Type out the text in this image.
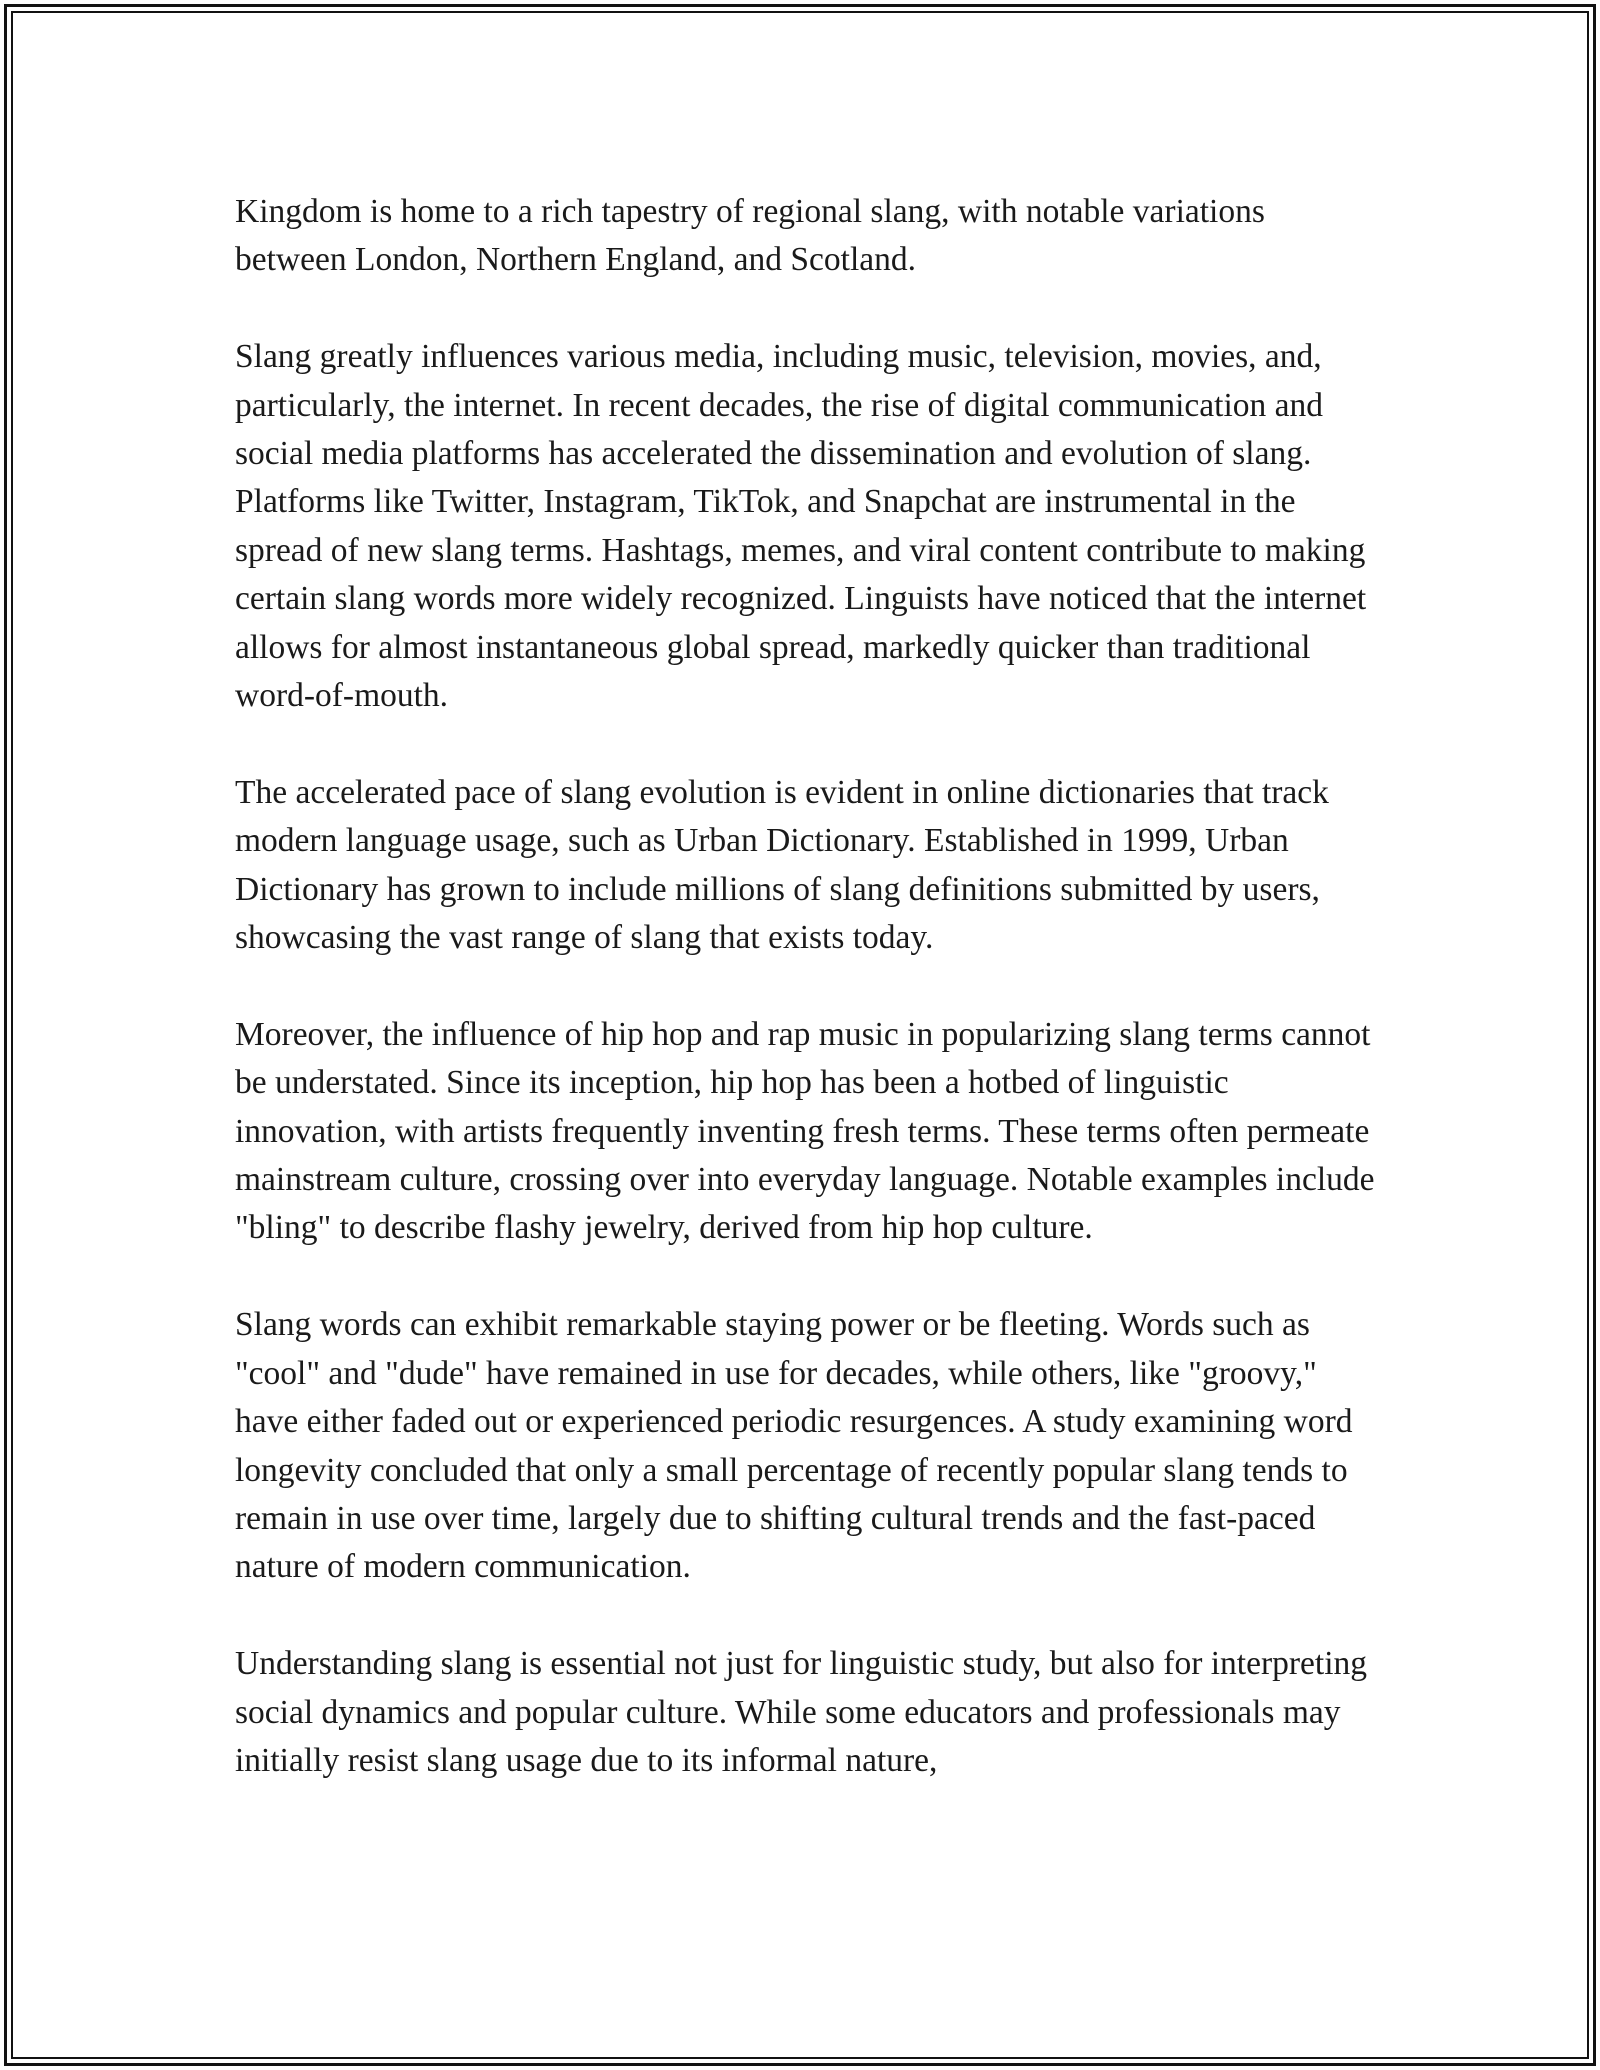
Kingdom is home to a rich tapestry of regional slang, with notable variations between London, Northern England, and Scotland.

Slang greatly influences various media, including music, television, movies, and, particularly, the internet. In recent decades, the rise of digital communication and social media platforms has accelerated the dissemination and evolution of slang. Platforms like Twitter, Instagram, TikTok, and Snapchat are instrumental in the spread of new slang terms. Hashtags, memes, and viral content contribute to making certain slang words more widely recognized. Linguists have noticed that the internet allows for almost instantaneous global spread, markedly quicker than traditional word-of-mouth.

The accelerated pace of slang evolution is evident in online dictionaries that track modern language usage, such as Urban Dictionary. Established in 1999, Urban Dictionary has grown to include millions of slang definitions submitted by users, showcasing the vast range of slang that exists today.

Moreover, the influence of hip hop and rap music in popularizing slang terms cannot be understated. Since its inception, hip hop has been a hotbed of linguistic innovation, with artists frequently inventing fresh terms. These terms often permeate mainstream culture, crossing over into everyday language. Notable examples include "bling" to describe flashy jewelry, derived from hip hop culture.

Slang words can exhibit remarkable staying power or be fleeting. Words such as "cool" and "dude" have remained in use for decades, while others, like "groovy," have either faded out or experienced periodic resurgences. A study examining word longevity concluded that only a small percentage of recently popular slang tends to remain in use over time, largely due to shifting cultural trends and the fast-paced nature of modern communication.

Understanding slang is essential not just for linguistic study, but also for interpreting social dynamics and popular culture. While some educators and professionals may initially resist slang usage due to its informal nature,
